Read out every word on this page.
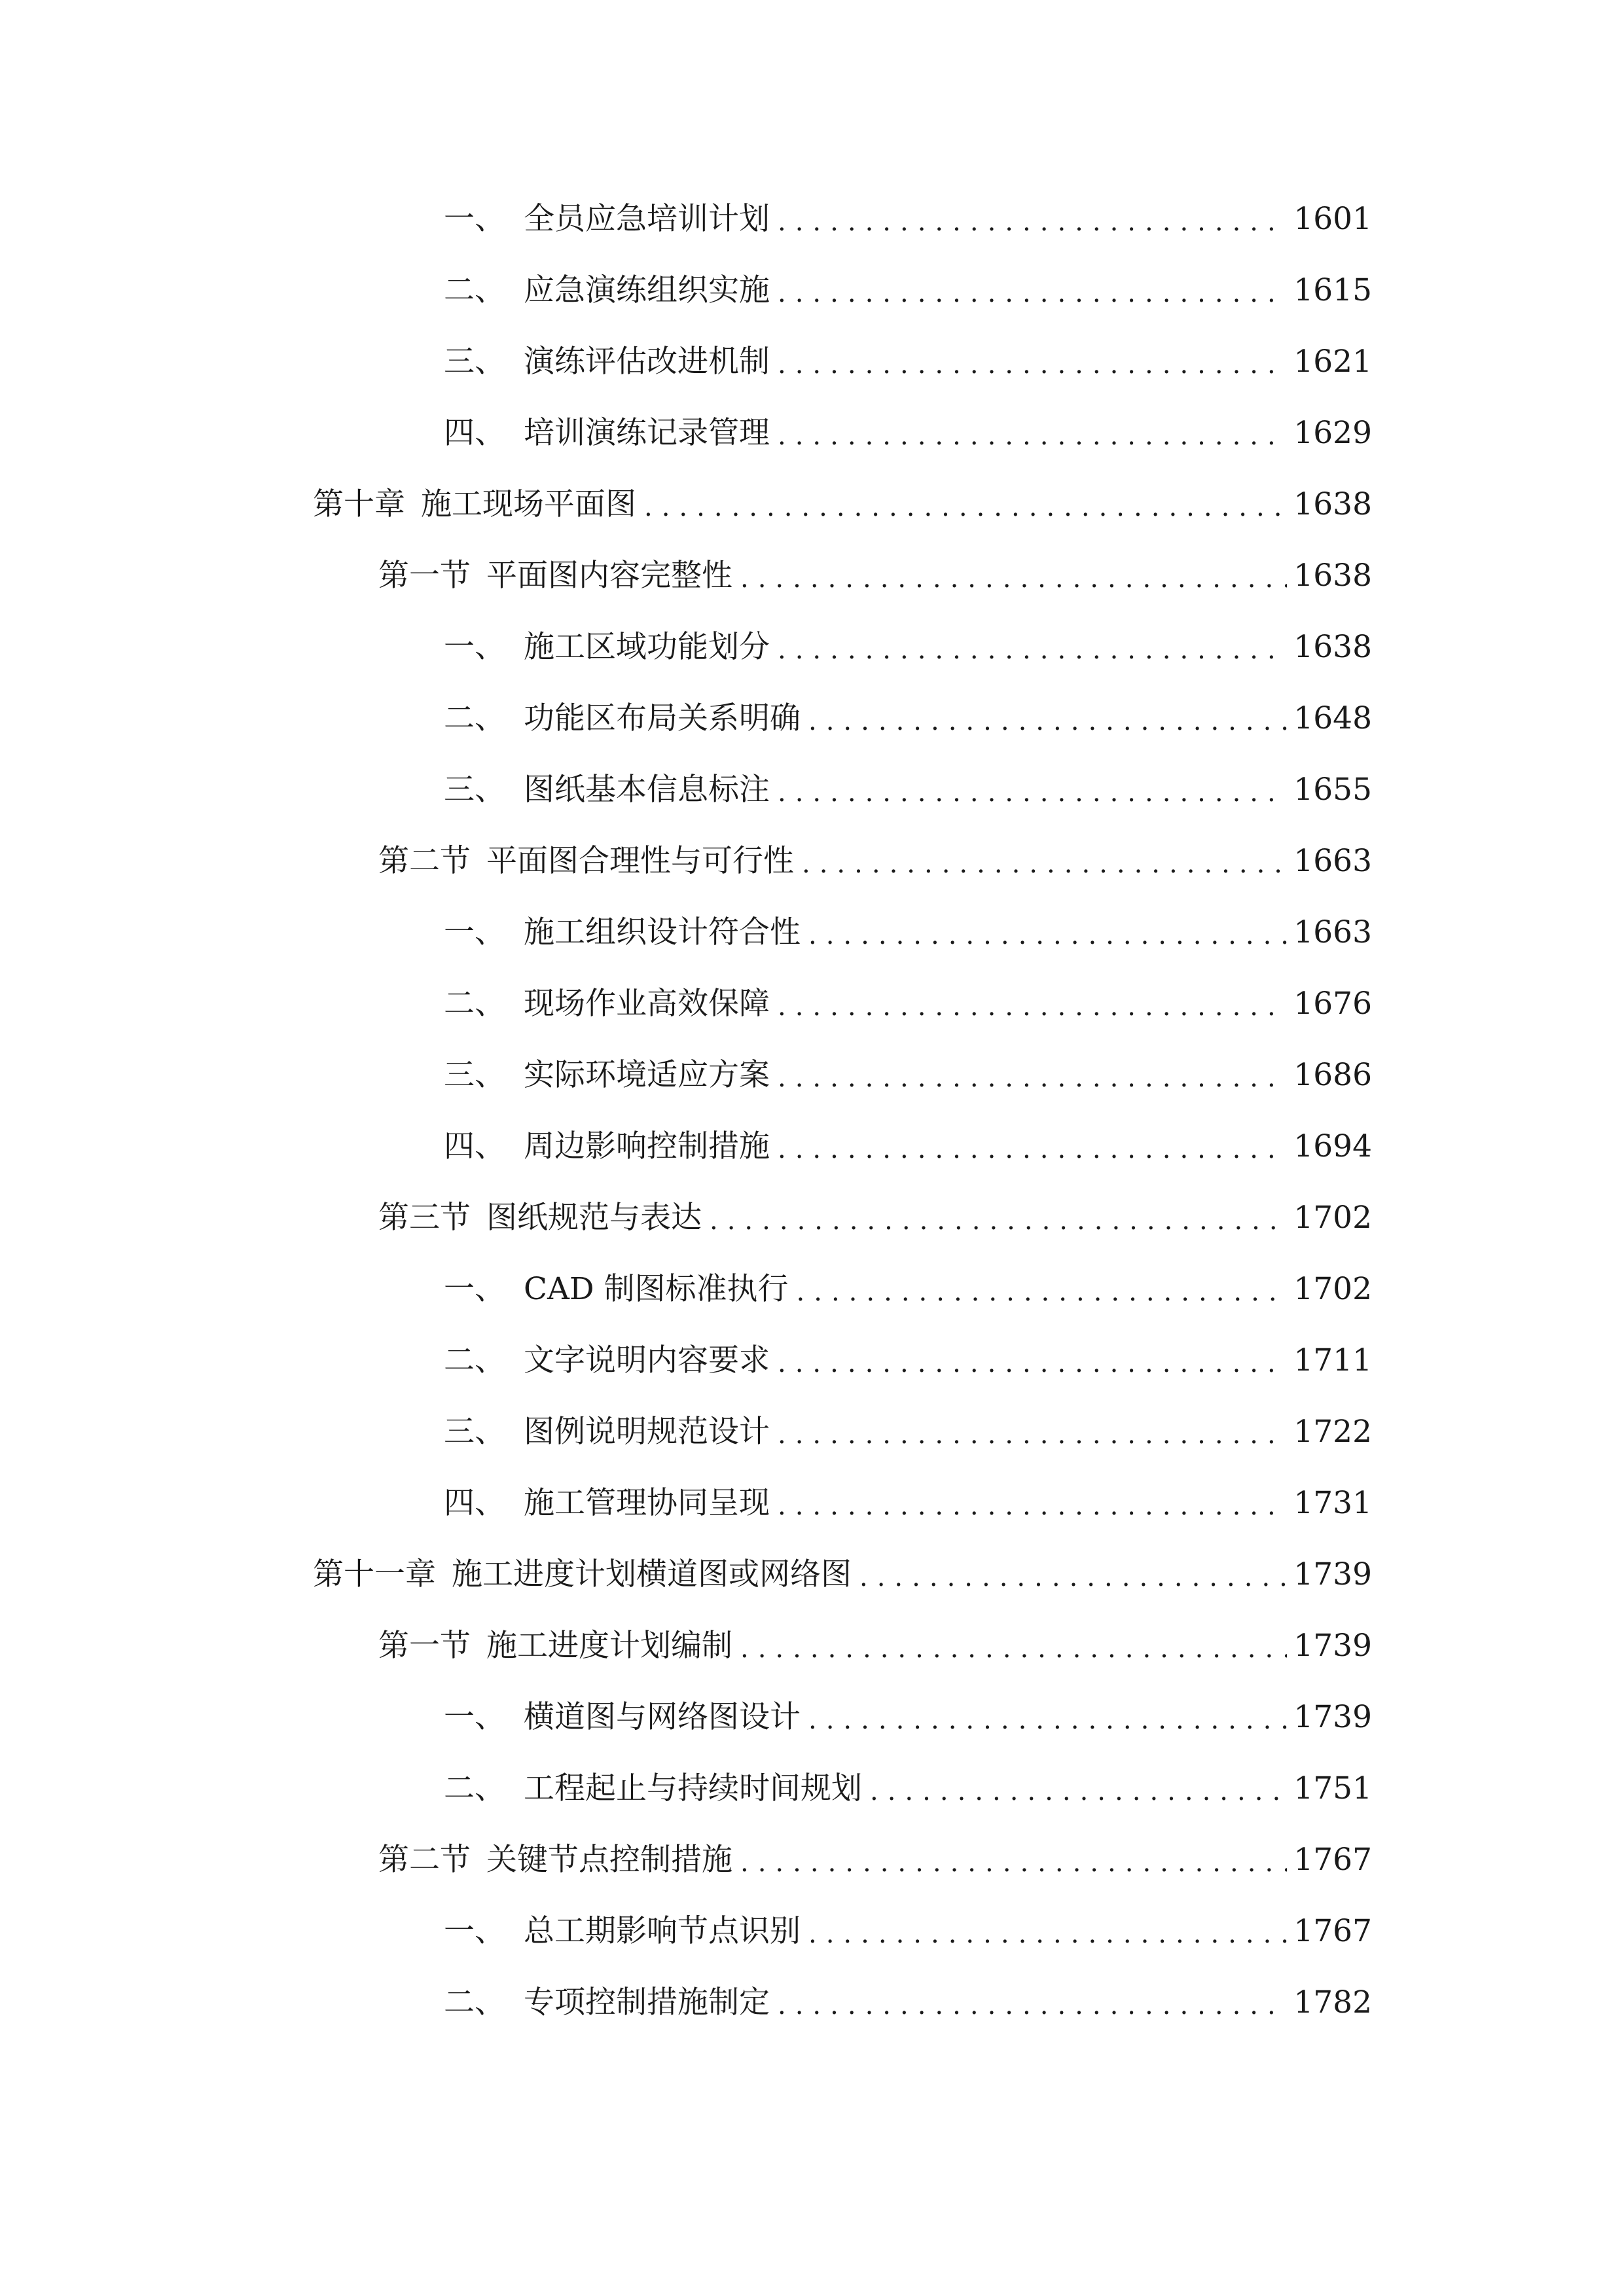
一、 全员应急培训计划 .....	1601
二、 应急演练组织实施 .....	1615
三、 演练评估改进机制 .....	1621
四、 培训演练记录管理 .....	1629
第十章 施工现场平面图 .....	1638
第一节 平面图内容完整性 .....	1638
一、 施工区域功能划分 .....	1638
二、 功能区布局关系明确 .....	1648
三、 图纸基本信息标注 .....	1655
第二节 平面图合理性与可行性 .....	1663
一、 施工组织设计符合性 .....	1663
二、 现场作业高效保障 .....	1676
三、 实际环境适应方案 .....	1686
四、 周边影响控制措施 .....	1694
第三节 图纸规范与表达 .....	1702
一、 CAD 制图标准执行 .....	1702
二、 文字说明内容要求 .....	1711
三、 图例说明规范设计 .....	1722
四、 施工管理协同呈现 .....	1731
第十一章 施工进度计划横道图或网络图 .....	1739
第一节 施工进度计划编制 .....	1739
一、 横道图与网络图设计 .....	1739
二、 工程起止与持续时间规划 .....	1751
第二节 关键节点控制措施 .....	1767
一、 总工期影响节点识别 .....	1767
二、 专项控制措施制定 .....	1782
